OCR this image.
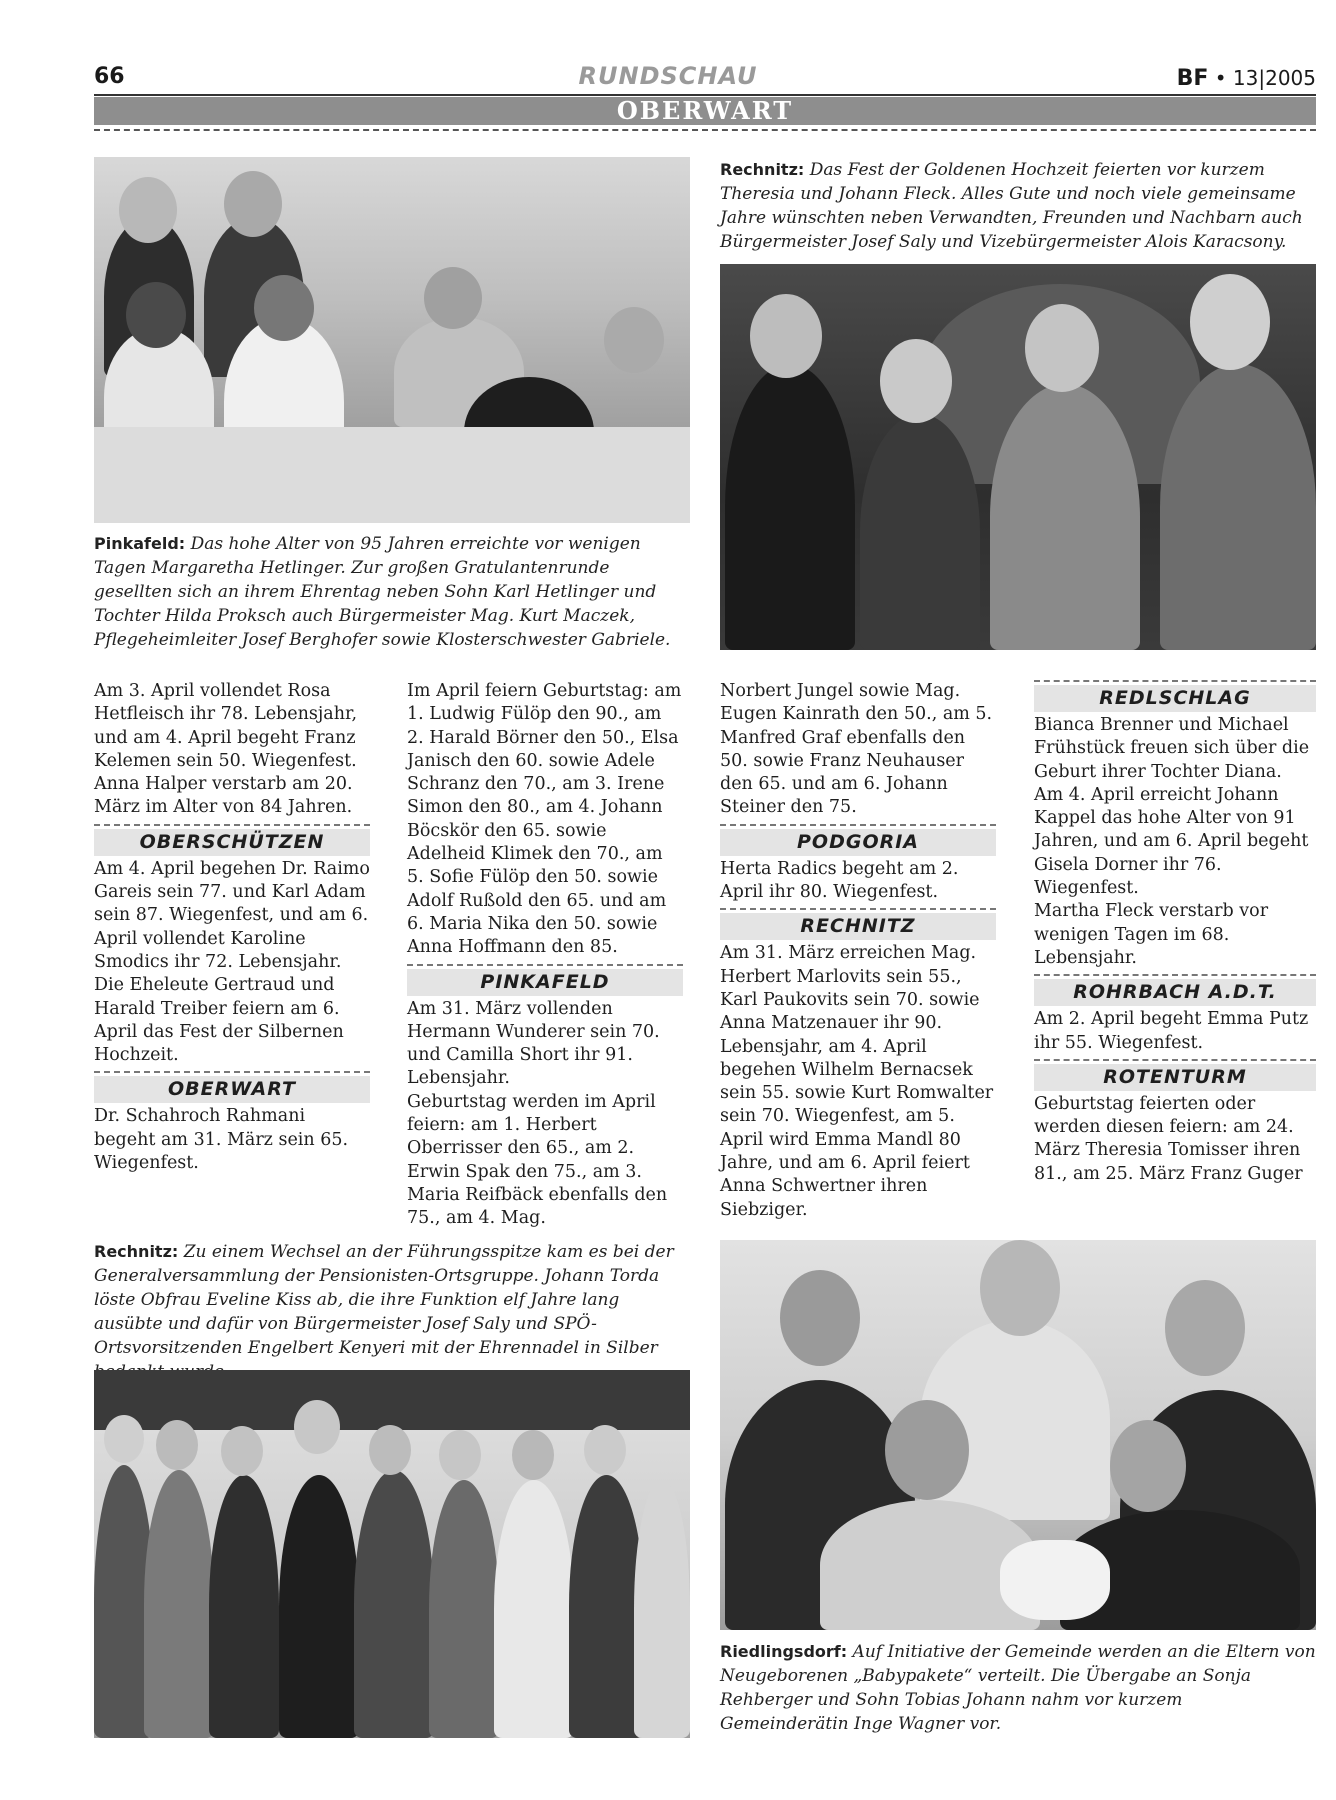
66	RUNDSCHAU	BF • 13|2005
OBERWART
Pinkafeld: Das hohe Alter von 95 Jahren erreichte vor wenigen Tagen Margaretha Hetlinger. Zur großen Gratulantenrunde gesellten sich an ihrem Ehrentag neben Sohn Karl Hetlinger und Tochter Hilda Proksch auch Bürgermeister Mag. Kurt Maczek, Pflegeheimleiter Josef Berghofer sowie Klosterschwester Gabriele.
Rechnitz: Das Fest der Goldenen Hochzeit feierten vor kurzem Theresia und Johann Fleck. Alles Gute und noch viele gemeinsame Jahre wünschten neben Verwandten, Freunden und Nachbarn auch Bürgermeister Josef Saly und Vizebürgermeister Alois Karacsony.

Am 3. April vollendet Rosa Hetfleisch ihr 78. Lebensjahr, und am 4. April begeht Franz Kelemen sein 50. Wiegenfest. Anna Halper verstarb am 20. März im Alter von 84 Jahren.

OBERSCHÜTZEN

Am 4. April begehen Dr. Raimo Gareis sein 77. und Karl Adam sein 87. Wiegenfest, und am 6. April vollendet Karoline Smodics ihr 72. Lebensjahr.

Die Eheleute Gertraud und Harald Treiber feiern am 6. April das Fest der Silbernen Hochzeit.

OBERWART

Dr. Schahroch Rahmani begeht am 31. März sein 65. Wiegenfest.

Im April feiern Geburtstag: am 1. Ludwig Fülöp den 90., am 2. Harald Börner den 50., Elsa Janisch den 60. sowie Adele Schranz den 70., am 3. Irene Simon den 80., am 4. Johann Böcskör den 65. sowie Adelheid Klimek den 70., am 5. Sofie Fülöp den 50. sowie Adolf Rußold den 65. und am 6. Maria Nika den 50. sowie Anna Hoffmann den 85.

PINKAFELD

Am 31. März vollenden Hermann Wunderer sein 70. und Camilla Short ihr 91. Lebensjahr.

Geburtstag werden im April feiern: am 1. Herbert Oberrisser den 65., am 2. Erwin Spak den 75., am 3. Maria Reifbäck ebenfalls den 75., am 4. Mag.

Norbert Jungel sowie Mag. Eugen Kainrath den 50., am 5. Manfred Graf ebenfalls den 50. sowie Franz Neuhauser den 65. und am 6. Johann Steiner den 75.

PODGORIA

Herta Radics begeht am 2. April ihr 80. Wiegenfest.

RECHNITZ

Am 31. März erreichen Mag. Herbert Marlovits sein 55., Karl Paukovits sein 70. sowie Anna Matzenauer ihr 90. Lebensjahr, am 4. April begehen Wilhelm Bernacsek sein 55. sowie Kurt Romwalter sein 70. Wiegenfest, am 5. April wird Emma Mandl 80 Jahre, und am 6. April feiert Anna Schwertner ihren Siebziger.

REDLSCHLAG

Bianca Brenner und Michael Frühstück freuen sich über die Geburt ihrer Tochter Diana.

Am 4. April erreicht Johann Kappel das hohe Alter von 91 Jahren, und am 6. April begeht Gisela Dorner ihr 76. Wiegenfest.

Martha Fleck verstarb vor wenigen Tagen im 68. Lebensjahr.

ROHRBACH A.D.T.

Am 2. April begeht Emma Putz ihr 55. Wiegenfest.

ROTENTURM

Geburtstag feierten oder werden diesen feiern: am 24. März Theresia Tomisser ihren 81., am 25. März Franz Guger

Rechnitz: Zu einem Wechsel an der Führungsspitze kam es bei der Generalversammlung der Pensionisten-Ortsgruppe. Johann Torda löste Obfrau Eveline Kiss ab, die ihre Funktion elf Jahre lang ausübte und dafür von Bürgermeister Josef Saly und SPÖ-Ortsvorsitzenden Engelbert Kenyeri mit der Ehrennadel in Silber
Riedlingsdorf: Auf Initiative der Gemeinde werden an die Eltern von Neugeborenen „Babypakete“ verteilt. Die Übergabe an Sonja Rehberger und Sohn Tobias Johann nahm vor kurzem Gemeinderätin Inge Wagner vor.
